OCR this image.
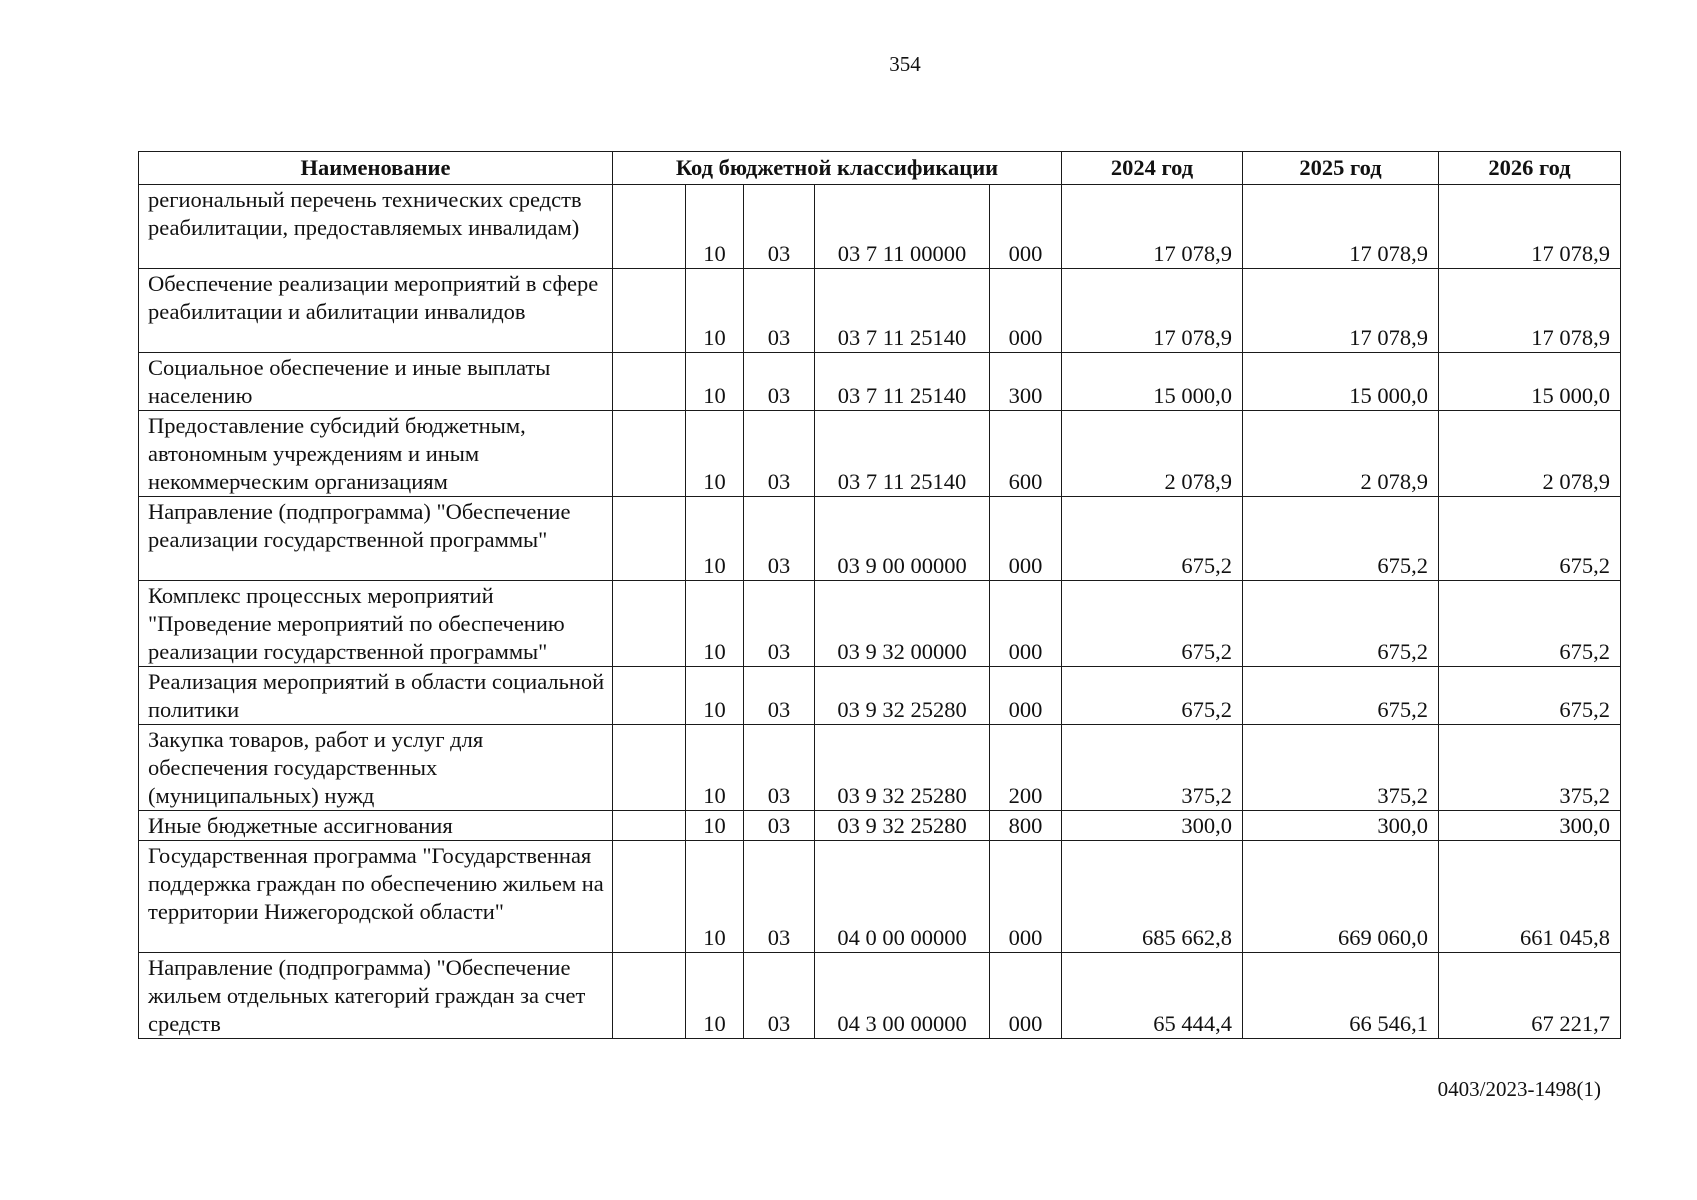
354
Наименование	Код бюджетной классификации					2024 год	2025 год	2026 год
региональный перечень технических средств реабилитации, предоставляемых инвалидам)		10	03	03 7 11 00000	000	17 078,9	17 078,9	17 078,9
Обеспечение реализации мероприятий в сфере реабилитации и абилитации инвалидов		10	03	03 7 11 25140	000	17 078,9	17 078,9	17 078,9
Социальное обеспечение и иные выплаты населению		10	03	03 7 11 25140	300	15 000,0	15 000,0	15 000,0
Предоставление субсидий бюджетным, автономным учреждениям и иным некоммерческим организациям		10	03	03 7 11 25140	600	2 078,9	2 078,9	2 078,9
Направление (подпрограмма) "Обеспечение реализации государственной программы"		10	03	03 9 00 00000	000	675,2	675,2	675,2
Комплекс процессных мероприятий "Проведение мероприятий по обеспечению реализации государственной программы"		10	03	03 9 32 00000	000	675,2	675,2	675,2
Реализация мероприятий в области социальной политики		10	03	03 9 32 25280	000	675,2	675,2	675,2
Закупка товаров, работ и услуг для обеспечения государственных (муниципальных) нужд		10	03	03 9 32 25280	200	375,2	375,2	375,2
Иные бюджетные ассигнования		10	03	03 9 32 25280	800	300,0	300,0	300,0
Государственная программа "Государственная поддержка граждан по обеспечению жильем на территории Нижегородской области"		10	03	04 0 00 00000	000	685 662,8	669 060,0	661 045,8
Направление (подпрограмма) "Обеспечение жильем отдельных категорий граждан за счет средств		10	03	04 3 00 00000	000	65 444,4	66 546,1	67 221,7
0403/2023-1498(1)
